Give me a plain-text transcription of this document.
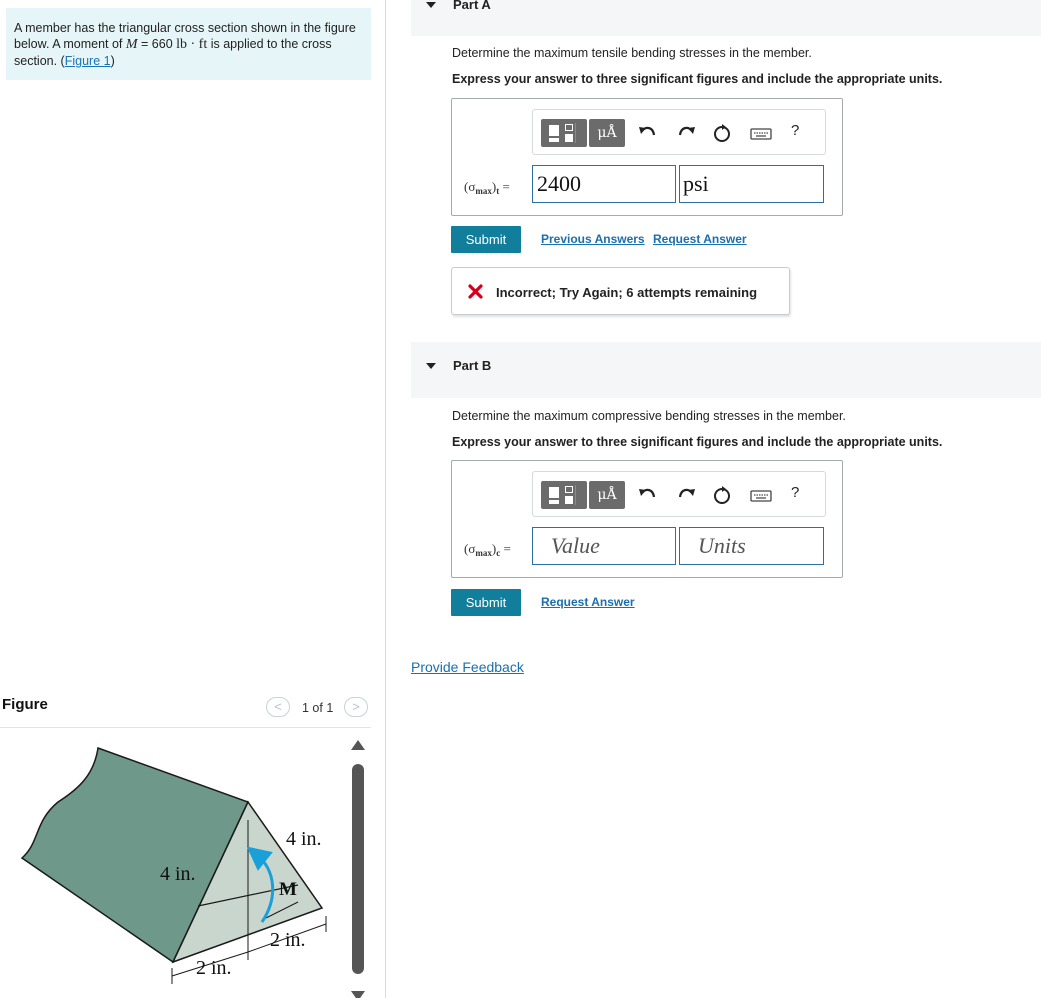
A member has the triangular cross section shown in the figure below. A moment of M = 660 lb · ft is applied to the cross section. (Figure 1)
Figure	<	1 of 1	>
4 in.
4 in.
M
2 in.
2 in.
Part A
Determine the maximum tensile bending stresses in the member.
Express your answer to three significant figures and include the appropriate units.
μÅ	?
$(\sigma_{max})_t = 2400$	psi
Submit	Previous Answers Request Answer
Incorrect; Try Again; 6 attempts remaining
Part B
Determine the maximum compressive bending stresses in the member.
Express your answer to three significant figures and include the appropriate units.
μÅ	?
$(\sigma_{max})_c$ =	Value	Units
Submit	Request Answer
Provide Feedback
